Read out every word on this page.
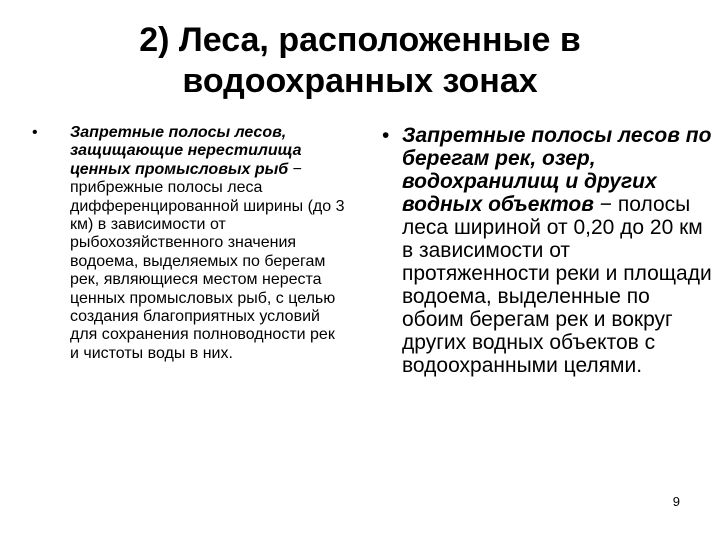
2) Леса, расположенные в водоохранных зонах
• Запретные полосы лесов, защищающие нерестилища ценных промысловых рыб − прибрежные полосы леса дифференцированной ширины (до 3 км) в зависимости от рыбохозяйственного значения водоема, выделяемых по берегам рек, являющиеся местом нереста ценных промысловых рыб, с целью создания благоприятных условий для сохранения полноводности рек и чистоты воды в них.
• Запретные полосы лесов по берегам рек, озер, водохранилищ и других водных объектов − полосы леса шириной от 0,20 до 20 км в зависимости от протяженности реки и площади водоема, выделенные по обоим берегам рек и вокруг других водных объектов с водоохранными целями.
9
